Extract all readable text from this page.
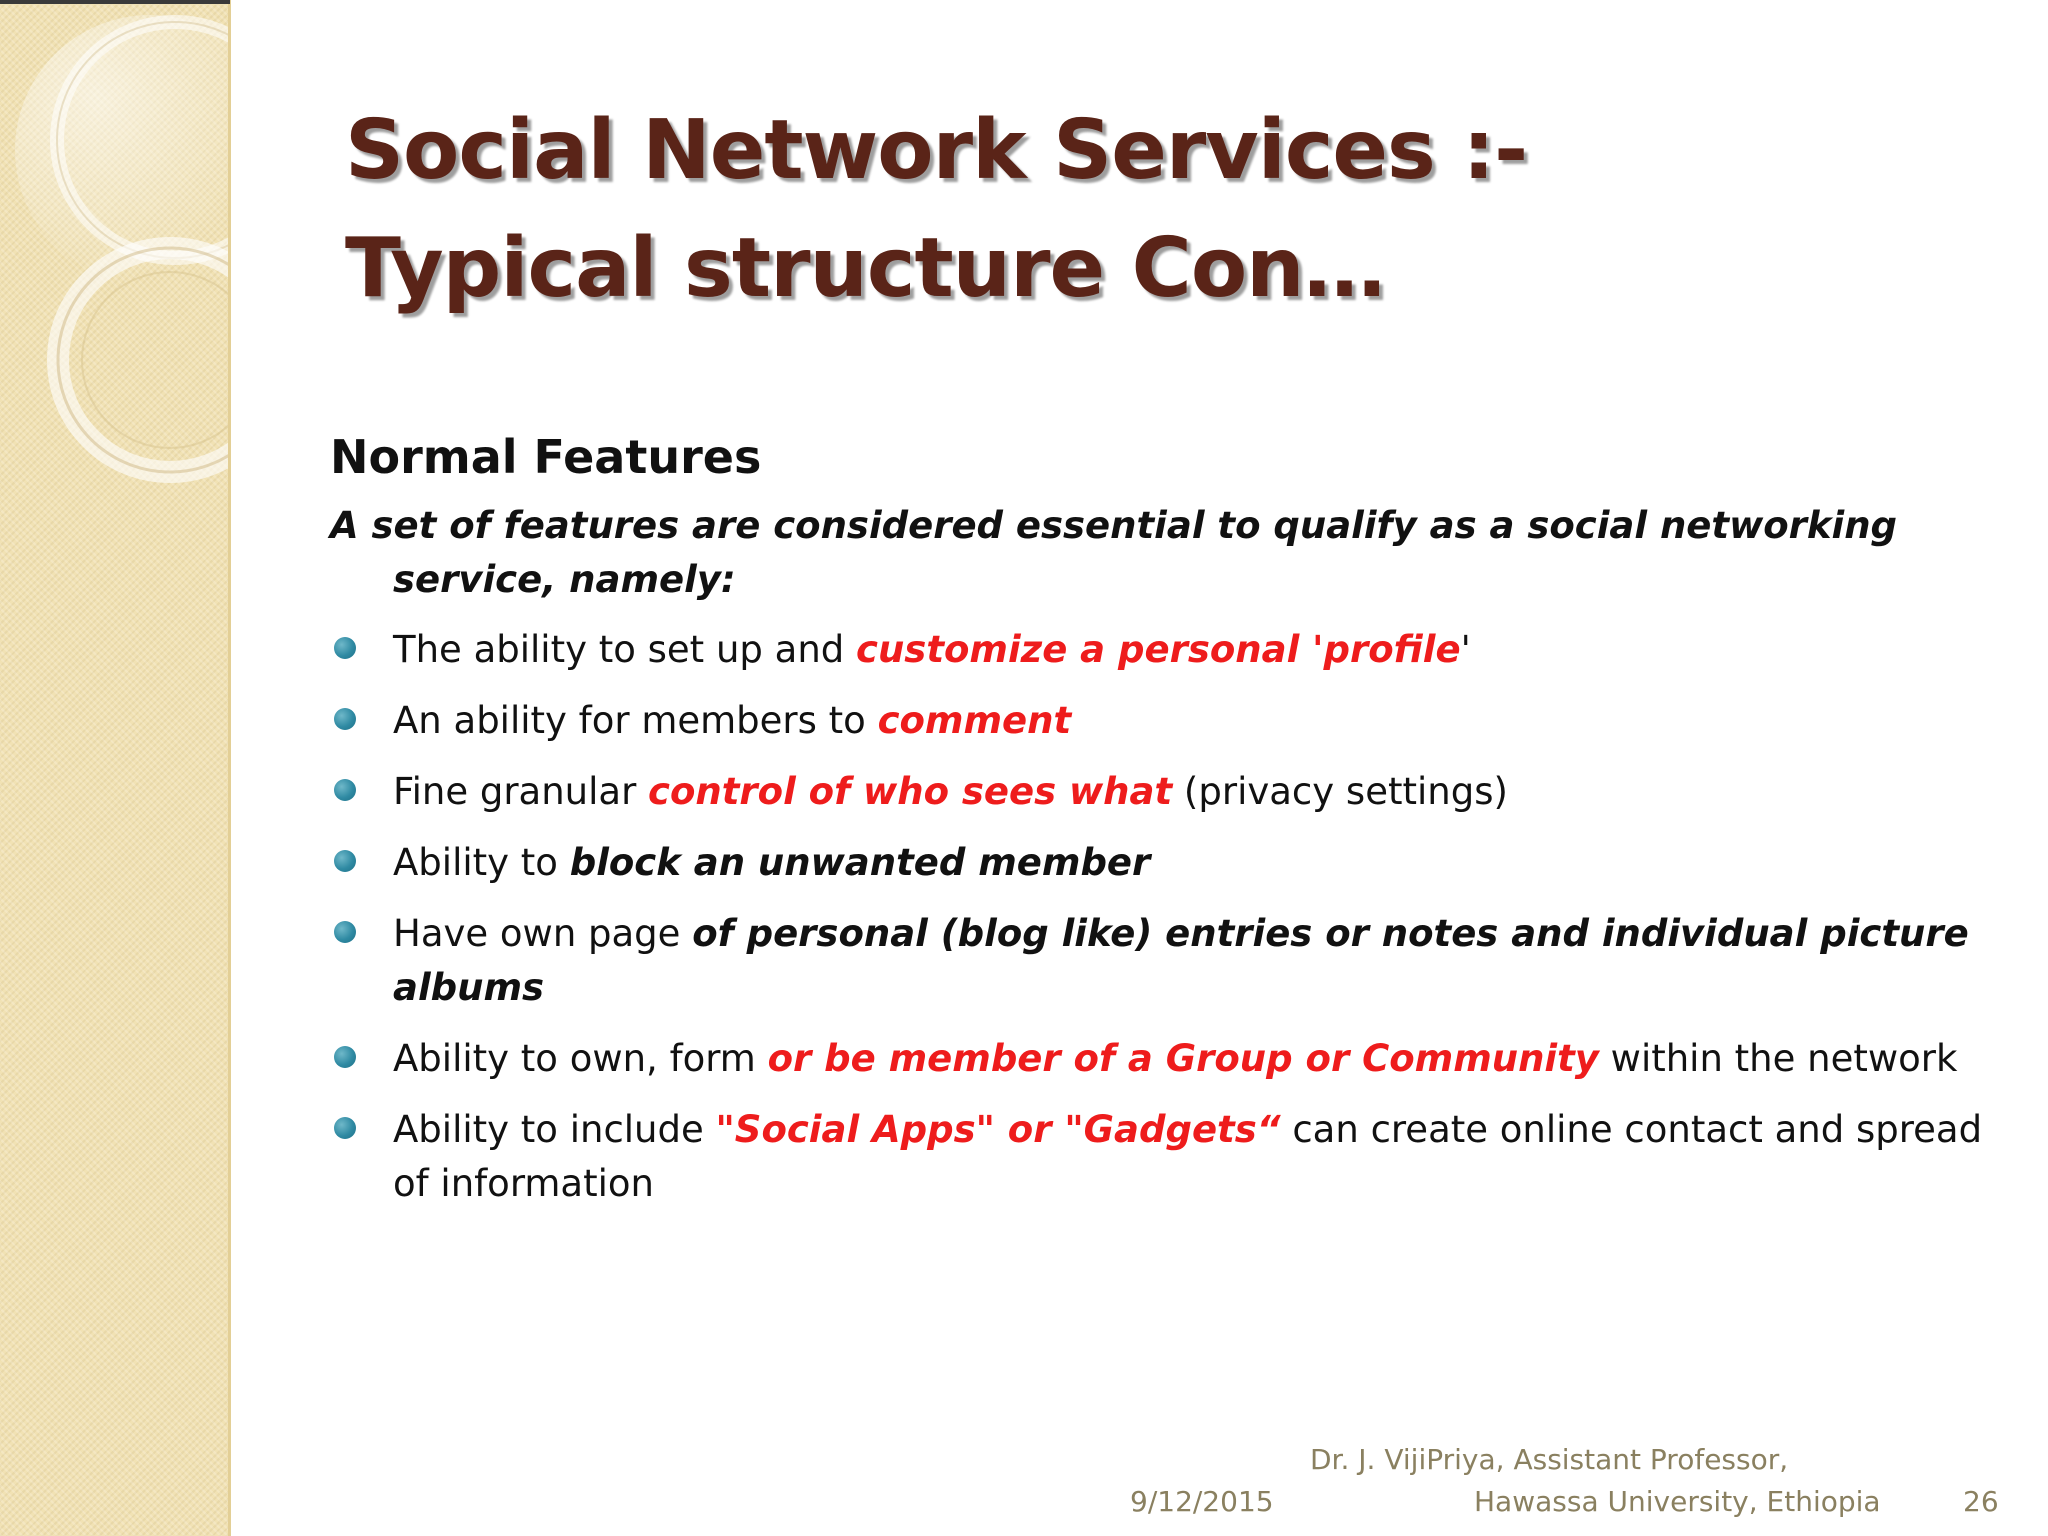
Social Network Services :-
Typical structure Con…
Normal Features
A set of features are considered essential to qualify as a social networking service, namely:
The ability to set up and customize a personal 'profile'
An ability for members to comment
Fine granular control of who sees what (privacy settings)
Ability to block an unwanted member
Have own page of personal (blog like) entries or notes and individual picture albums
Ability to own, form or be member of a Group or Community within the network
Ability to include "Social Apps" or "Gadgets“ can create online contact and spread of information
9/12/2015
Dr. J. VijiPriya, Assistant Professor,
Hawassa University, Ethiopia	26
